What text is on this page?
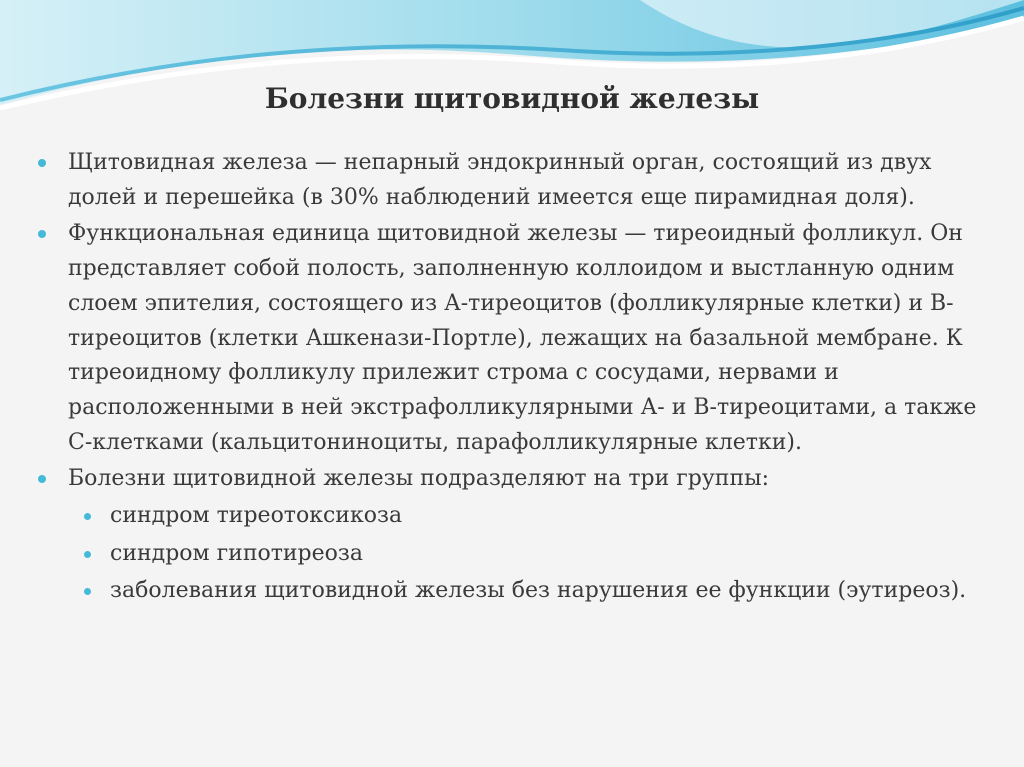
Болезни щитовидной железы
Щитовидная железа — непарный эндокринный орган, состоящий из двух долей и перешейка (в 30% наблюдений имеется еще пирамидная доля).
Функциональная единица щитовидной железы — тиреоидный фолликул. Он представляет собой полость, заполненную коллоидом и выстланную одним слоем эпителия, состоящего из А-тиреоцитов (фолликулярные клетки) и В-тиреоцитов (клетки Ашкенази-Портле), лежащих на базальной мембране. К тиреоидному фолликулу прилежит строма с сосудами, нервами и расположенными в ней экстрафолликулярными А- и В-тиреоцитами, а также С-клетками (кальцитониноциты, парафолликулярные клетки).
Болезни щитовидной железы подразделяют на три группы:
синдром тиреотоксикоза
синдром гипотиреоза
заболевания щитовидной железы без нарушения ее функции (эутиреоз).
